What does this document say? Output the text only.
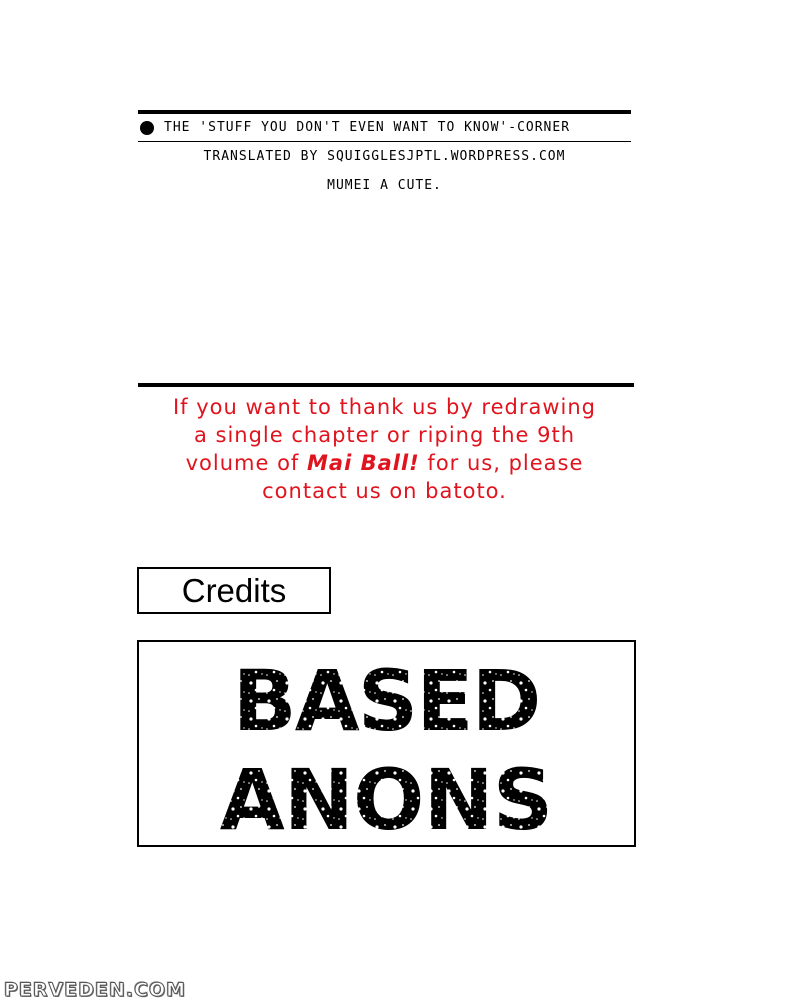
THE 'STUFF YOU DON'T EVEN WANT TO KNOW'-CORNER
TRANSLATED BY SQUIGGLESJPTL.WORDPRESS.COM
MUMEI A CUTE.
If you want to thank us by redrawing
a single chapter or riping the 9th
volume of Mai Ball! for us, please
contact us on batoto.
Credits
BASED
ANONS
PERVEDEN.COM
